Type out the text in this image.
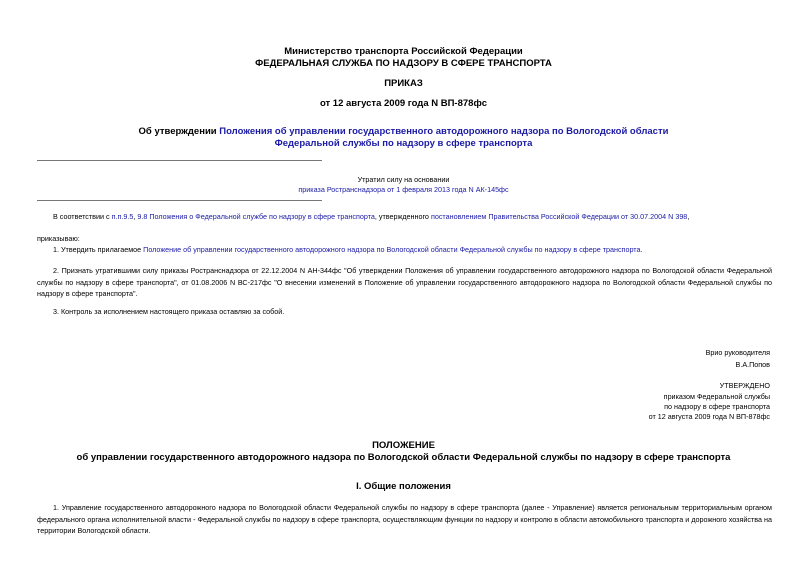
Министерство транспорта Российской Федерации
ФЕДЕРАЛЬНАЯ СЛУЖБА ПО НАДЗОРУ В СФЕРЕ ТРАНСПОРТА
ПРИКАЗ
от 12 августа 2009 года N ВП-878фс
Об утверждении Положения об управлении государственного автодорожного надзора по Вологодской области Федеральной службы по надзору в сфере транспорта
Утратил силу на основании
приказа Ространснадзора от 1 февраля 2013 года N АК-145фс
В соответствии с п.п.9.5, 9.8 Положения о Федеральной службе по надзору в сфере транспорта, утвержденного постановлением Правительства Российской Федерации от 30.07.2004 N 398,
приказываю:
1. Утвердить прилагаемое Положение об управлении государственного автодорожного надзора по Вологодской области Федеральной службы по надзору в сфере транспорта.
2. Признать утратившими силу приказы Ространснадзора от 22.12.2004 N АН-344фс "Об утверждении Положения об управлении государственного автодорожного надзора по Вологодской области Федеральной службы по надзору в сфере транспорта", от 01.08.2006 N ВС-217фс "О внесении изменений в Положение об управлении государственного автодорожного надзора по Вологодской области Федеральной службы по надзору в сфере транспорта".
3. Контроль за исполнением настоящего приказа оставляю за собой.
Врио руководителя
В.А.Попов
УТВЕРЖДЕНО
приказом Федеральной службы
по надзору в сфере транспорта
от 12 августа 2009 года N ВП-878фс
ПОЛОЖЕНИЕ
об управлении государственного автодорожного надзора по Вологодской области Федеральной службы по надзору в сфере транспорта
I. Общие положения
1. Управление государственного автодорожного надзора по Вологодской области Федеральной службы по надзору в сфере транспорта (далее - Управление) является региональным территориальным органом федерального органа исполнительной власти - Федеральной службы по надзору в сфере транспорта, осуществляющим функции по надзору и контролю в области автомобильного транспорта и дорожного хозяйства на территории Вологодской области.
